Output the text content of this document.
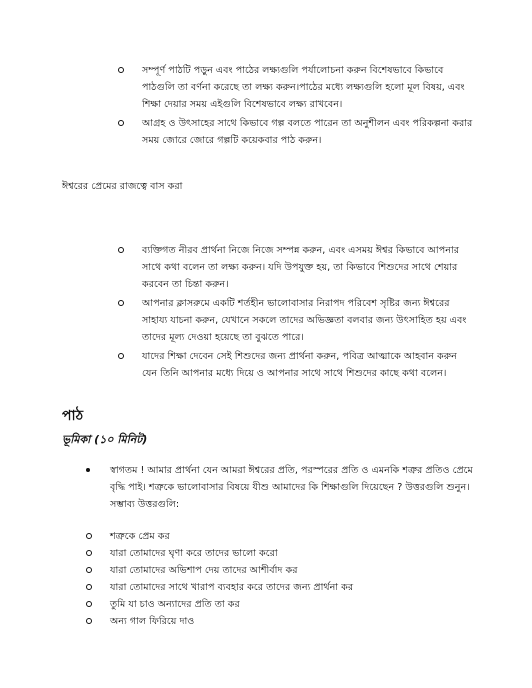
সম্পূর্ণ পাঠটি পড়ুন এবং পাঠের লক্ষ্যগুলি পর্যালোচনা করুন বিশেষভাবে কিভাবে পাঠগুলি তা বর্ণনা করেছে তা লক্ষ্য করুন।পাঠের মধ্যে লক্ষ্যগুলি হলো মূল বিষয়, এবং শিক্ষা দেয়ার সময় এইগুলি বিশেষভাবে লক্ষ্য রাখবেন।
আগ্রহ ও উৎসাহের সাথে কিভাবে গল্প বলতে পারেন তা অনুশীলন এবং পরিকল্পনা করার সময় জোরে জোরে গল্পটি কয়েকবার পাঠ করুন।
ঈশ্বরের প্রেমের রাজত্বে বাস করা
ব্যক্তিগত নীরব প্রার্থনা নিজে নিজে সম্পন্ন করুন, এবং এসময় ঈশ্বর কিভাবে আপনার সাথে কথা বলেন তা লক্ষ্য করুন। যদি উপযুক্ত হয়, তা কিভাবে শিশুদের সাথে শেয়ার করবেন তা চিন্তা করুন।
আপনার ক্লাসরুমে একটি শর্তহীন ভালোবাসার নিরাপদ পরিবেশ সৃষ্টির জন্য ঈশ্বরের সাহায্য যাচনা করুন, যেখানে সকলে তাদের অভিজ্ঞতা বলবার জন্য উৎসাহিত হয় এবং তাদের মূল্য দেওয়া হয়েছে তা বুঝতে পারে।
যাদের শিক্ষা দেবেন সেই শিশুদের জন্য প্রার্থনা করুন, পবিত্র আত্মাকে আহবান করুন যেন তিনি আপনার মধ্যে দিয়ে ও আপনার সাথে সাথে শিশুদের কাছে কথা বলেন।
পাঠ
ভূমিকা (১০ মিনিট)
স্বাগতম ! আমার প্রার্থনা যেন আমরা ঈশ্বরের প্রতি, পরস্পরের প্রতি ও এমনকি শত্রুর প্রতিও প্রেমে বৃদ্ধি পাই। শত্রুকে ভালোবাসার বিষয়ে যীশু আমাদের কি শিক্ষাগুলি দিয়েছেন ? উত্তরগুলি শুনুন। সম্ভাব্য উত্তরগুলি:
শত্রুকে প্রেম কর
যারা তোমাদের ঘৃণা করে তাদের ভালো করো
যারা তোমাদের অভিশাপ দেয় তাদের আশীর্বাদ কর
যারা তোমাদের সাথে খারাপ ব্যবহার করে তাদের জন্য প্রার্থনা কর
তুমি যা চাও অন্যাদের প্রতি তা কর
অন্য গাল ফিরিয়ে দাও
